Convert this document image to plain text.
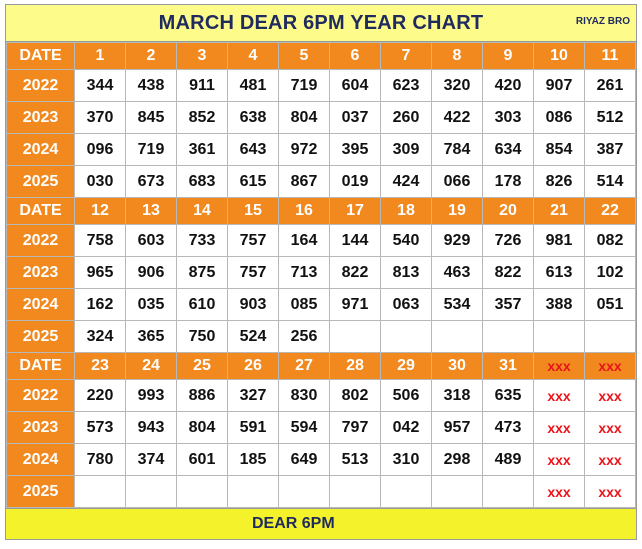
MARCH DEAR 6PM YEAR CHART	RIYAZ BRO
DATE	1	2	3	4	5	6	7	8	9	10	11
2022	344	438	911	481	719	604	623	320	420	907	261
2023	370	845	852	638	804	037	260	422	303	086	512
2024	096	719	361	643	972	395	309	784	634	854	387
2025	030	673	683	615	867	019	424	066	178	826	514
DATE	12	13	14	15	16	17	18	19	20	21	22
2022	758	603	733	757	164	144	540	929	726	981	082
2023	965	906	875	757	713	822	813	463	822	613	102
2024	162	035	610	903	085	971	063	534	357	388	051
2025	324	365	750	524	256						
DATE	23	24	25	26	27	28	29	30	31	xxx	xxx
2022	220	993	886	327	830	802	506	318	635	xxx	xxx
2023	573	943	804	591	594	797	042	957	473	xxx	xxx
2024	780	374	601	185	649	513	310	298	489	xxx	xxx
2025										xxx	xxx
DEAR 6PM
